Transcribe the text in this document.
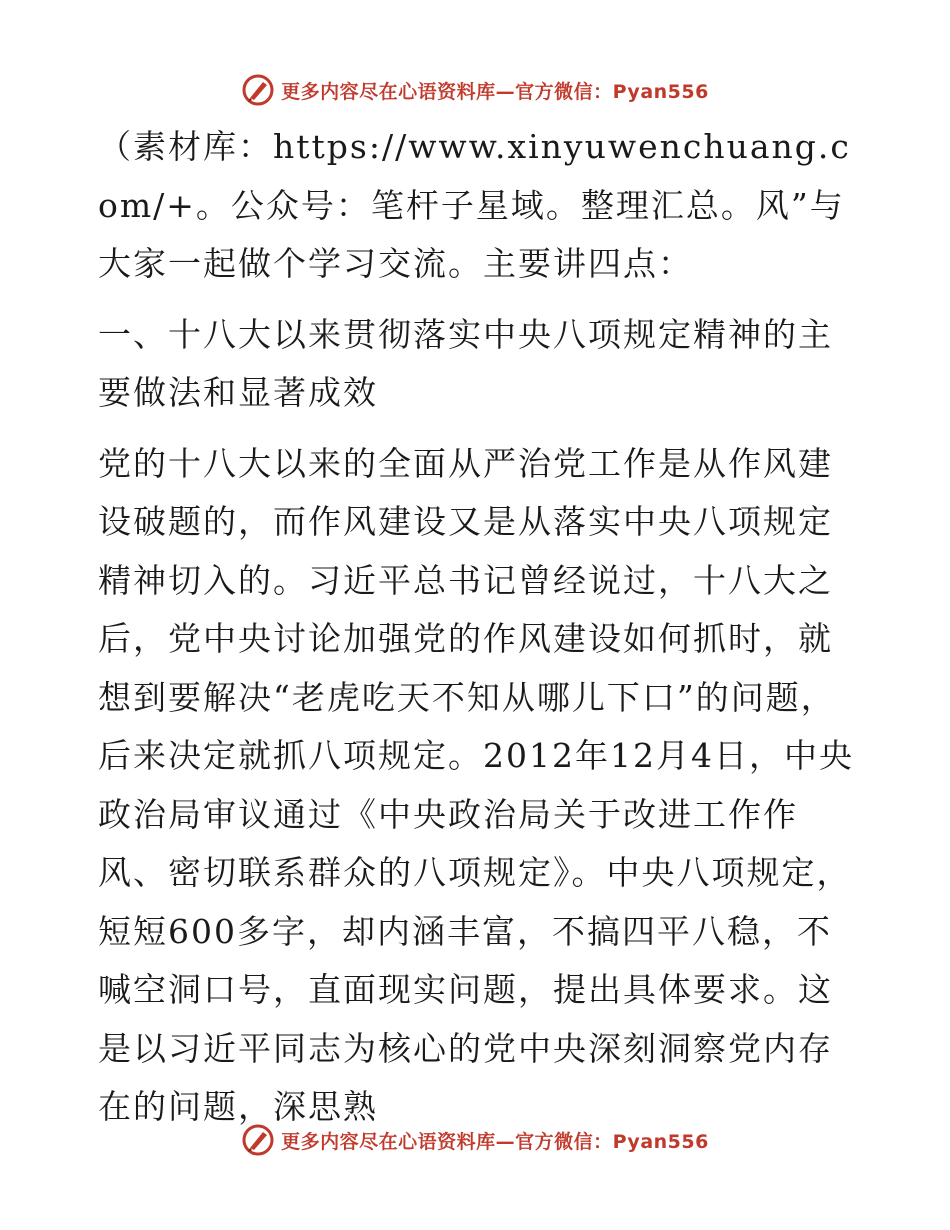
更多内容尽在心语资料库—官方微信：Pyan556

（素材库：https://www.xinyuwenchuang.com/+。公众号：笔杆子星域。整理汇总。风”与大家一起做个学习交流。主要讲四点：

一、十八大以来贯彻落实中央八项规定精神的主要做法和显著成效

党的十八大以来的全面从严治党工作是从作风建设破题的，而作风建设又是从落实中央八项规定精神切入的。习近平总书记曾经说过，十八大之后，党中央讨论加强党的作风建设如何抓时，就想到要解决“老虎吃天不知从哪儿下口”的问题，后来决定就抓八项规定。2012年12月4日，中央政治局审议通过《中央政治局关于改进工作作风、密切联系群众的八项规定》。中央八项规定，短短600多字，却内涵丰富，不搞四平八稳，不喊空洞口号，直面现实问题，提出具体要求。这是以习近平同志为核心的党中央深刻洞察党内存在的问题，深思熟

更多内容尽在心语资料库—官方微信：Pyan556
